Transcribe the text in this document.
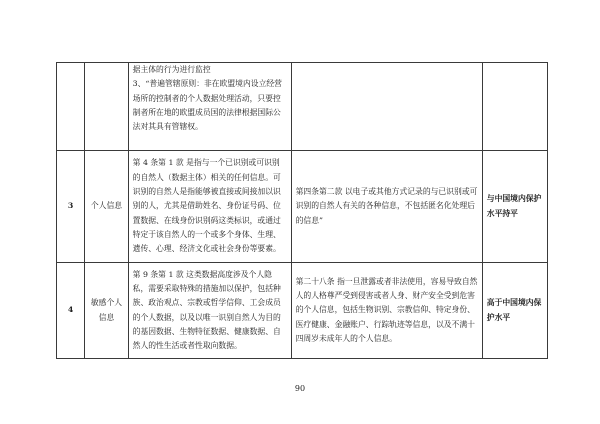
		据主体的行为进行监控
3、“普遍管辖原则：非在欧盟境内设立经营场所的控制者的个人数据处理活动，只要控制者所在地的欧盟成员国的法律根据国际公法对其具有管辖权。		

3	个人信息	第 4 条第 1 款 是指与一个已识别或可识别的自然人（数据主体）相关的任何信息。可识别的自然人是指能够被直接或间接加以识别的人，尤其是借助姓名、身份证号码、位置数据、在线身份识别码这类标识，或通过特定于该自然人的一个或多个身体、生理、遗传、心理、经济文化或社会身份等要素。	第四条第二款 以电子或其他方式记录的与已识别或可识别的自然人有关的各种信息，不包括匿名化处理后的信息”	与中国境内保护水平持平

4	敏感个人信息	第 9 条第 1 款 这类数据高度涉及个人隐私，需要采取特殊的措施加以保护，包括种族、政治观点、宗教或哲学信仰、工会成员的个人数据，以及以唯一识别自然人为目的的基因数据、生物特征数据、健康数据、自然人的性生活或者性取向数据。	第二十八条 指一旦泄露或者非法使用，容易导致自然人的人格尊严受到侵害或者人身、财产安全受到危害的个人信息，包括生物识别、宗教信仰、特定身份、医疗健康、金融账户、行踪轨迹等信息，以及不满十四周岁未成年人的个人信息。	高于中国境内保护水平
90
